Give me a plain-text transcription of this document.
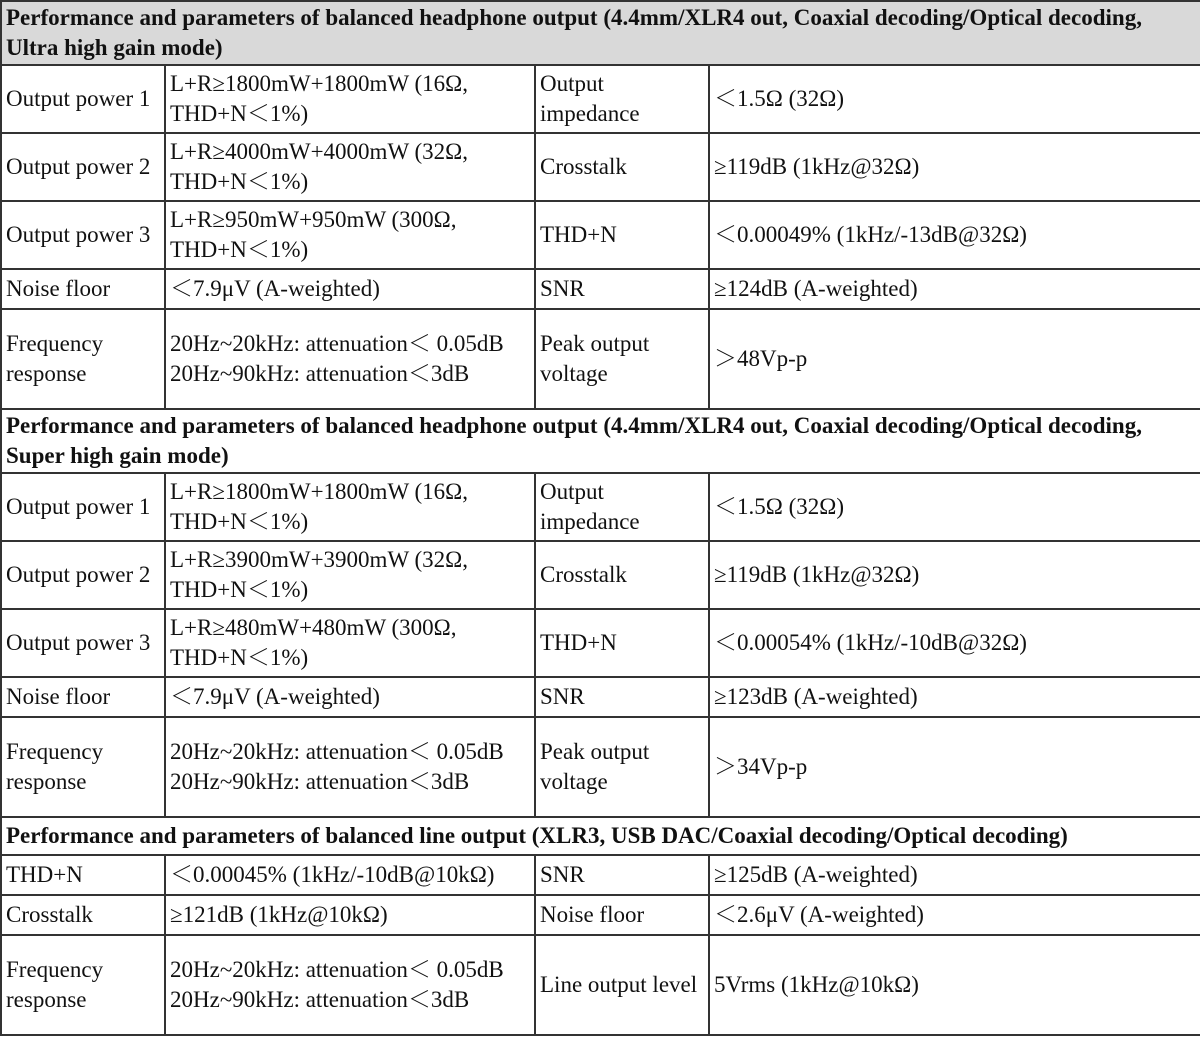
Performance and parameters of balanced headphone output (4.4mm/XLR4 out, Coaxial decoding/Optical decoding, Ultra high gain mode)			
Output power 1	L+R≥1800mW+1800mW (16Ω, THD+N＜1%)	Output impedance	＜1.5Ω (32Ω)
Output power 2	L+R≥4000mW+4000mW (32Ω, THD+N＜1%)	Crosstalk	≥119dB (1kHz@32Ω)
Output power 3	L+R≥950mW+950mW (300Ω, THD+N＜1%)	THD+N	＜0.00049% (1kHz/-13dB@32Ω)
Noise floor	＜7.9μV (A-weighted)	SNR	≥124dB (A-weighted)
Frequency response	20Hz~20kHz: attenuation＜ 0.05dB 20Hz~90kHz: attenuation＜3dB	Peak output voltage	＞48Vp-p
Performance and parameters of balanced headphone output (4.4mm/XLR4 out, Coaxial decoding/Optical decoding, Super high gain mode)			
Output power 1	L+R≥1800mW+1800mW (16Ω, THD+N＜1%)	Output impedance	＜1.5Ω (32Ω)
Output power 2	L+R≥3900mW+3900mW (32Ω, THD+N＜1%)	Crosstalk	≥119dB (1kHz@32Ω)
Output power 3	L+R≥480mW+480mW (300Ω, THD+N＜1%)	THD+N	＜0.00054% (1kHz/-10dB@32Ω)
Noise floor	＜7.9μV (A-weighted)	SNR	≥123dB (A-weighted)
Frequency response	20Hz~20kHz: attenuation＜ 0.05dB 20Hz~90kHz: attenuation＜3dB	Peak output voltage	＞34Vp-p
Performance and parameters of balanced line output (XLR3, USB DAC/Coaxial decoding/Optical decoding)			
THD+N	＜0.00045% (1kHz/-10dB@10kΩ)	SNR	≥125dB (A-weighted)
Crosstalk	≥121dB (1kHz@10kΩ)	Noise floor	＜2.6μV (A-weighted)
Frequency response	20Hz~20kHz: attenuation＜ 0.05dB 20Hz~90kHz: attenuation＜3dB	Line output level	5Vrms (1kHz@10kΩ)
